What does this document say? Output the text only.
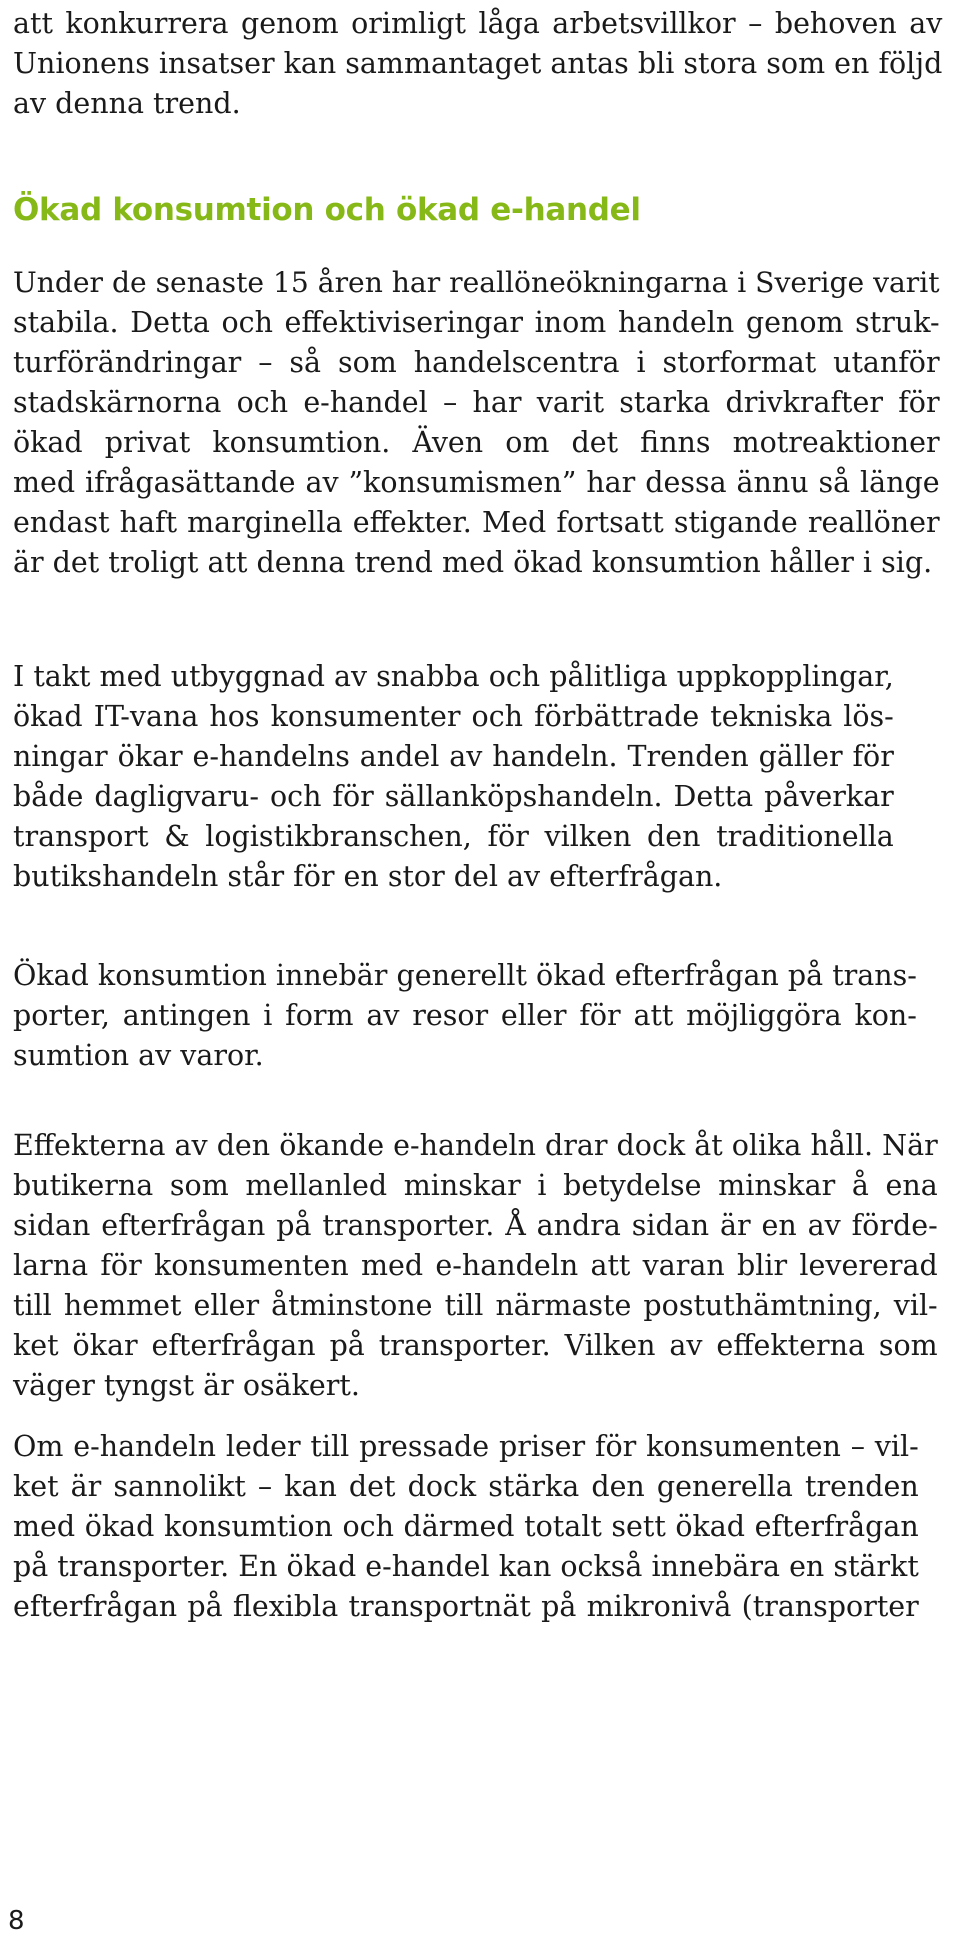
att konkurrera genom orimligt låga arbetsvillkor – behoven av
Unionens insatser kan sammantaget antas bli stora som en följd
av denna trend.

Ökad konsumtion och ökad e-handel

Under de senaste 15 åren har reallöneökningarna i Sverige varit
stabila. Detta och effektiviseringar inom handeln genom struk-
turförändringar – så som handelscentra i storformat utanför
stadskärnorna och e-handel – har varit starka drivkrafter för
ökad privat konsumtion. Även om det finns motreaktioner
med ifrågasättande av ”konsumismen” har dessa ännu så länge
endast haft marginella effekter. Med fortsatt stigande reallöner
är det troligt att denna trend med ökad konsumtion håller i sig.

I takt med utbyggnad av snabba och pålitliga uppkopplingar,
ökad IT-vana hos konsumenter och förbättrade tekniska lös-
ningar ökar e-handelns andel av handeln. Trenden gäller för
både dagligvaru- och för sällanköpshandeln. Detta påverkar
transport & logistikbranschen, för vilken den traditionella
butikshandeln står för en stor del av efterfrågan.

Ökad konsumtion innebär generellt ökad efterfrågan på trans-
porter, antingen i form av resor eller för att möjliggöra kon-
sumtion av varor.

Effekterna av den ökande e-handeln drar dock åt olika håll. När
butikerna som mellanled minskar i betydelse minskar å ena
sidan efterfrågan på transporter. Å andra sidan är en av förde-
larna för konsumenten med e-handeln att varan blir levererad
till hemmet eller åtminstone till närmaste postuthämtning, vil-
ket ökar efterfrågan på transporter. Vilken av effekterna som
väger tyngst är osäkert.

Om e-handeln leder till pressade priser för konsumenten – vil-
ket är sannolikt – kan det dock stärka den generella trenden
med ökad konsumtion och därmed totalt sett ökad efterfrågan
på transporter. En ökad e-handel kan också innebära en stärkt
efterfrågan på flexibla transportnät på mikronivå (transporter

8
